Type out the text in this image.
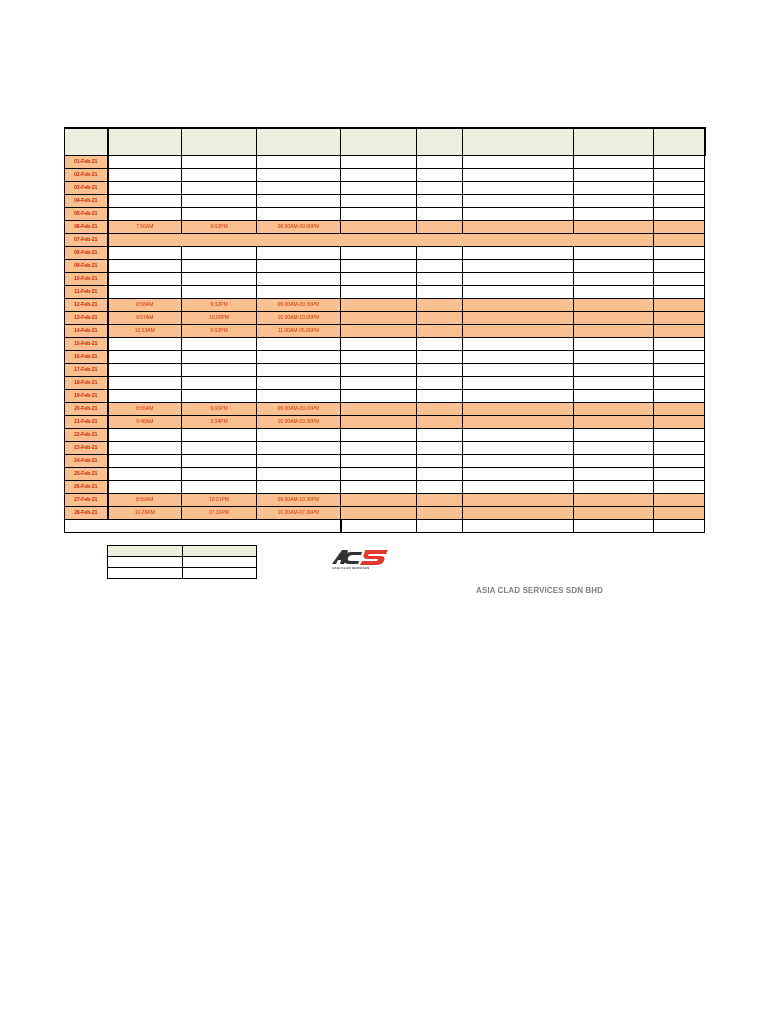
01-Feb-21								
02-Feb-21								
03-Feb-21								
04-Feb-21								
05-Feb-21								
06-Feb-21	7:56AM	9:02PM	08.00AM-09.00PM					
07-Feb-21								
08-Feb-21								
09-Feb-21								
10-Feb-21								
11-Feb-21								
12-Feb-21	8:58AM	9:32PM	09.00AM-09.30PM					
13-Feb-21	9:57AM	10.00PM	10.00AM-10.00PM					
14-Feb-21	10.53AM	5:02PM	11.00AM-05.00PM					
15-Feb-21								
16-Feb-21								
17-Feb-21								
18-Feb-21								
19-Feb-21								
20-Feb-21	8:55AM	9.00PM	09.00AM-09.00PM					
21-Feb-21	9:48AM	3:34PM	10.00AM-03.30PM					
22-Feb-21								
23-Feb-21								
24-Feb-21								
25-Feb-21								
26-Feb-21								
27-Feb-21	8:59AM	10:31PM	09.00AM-10.30PM					
28-Feb-21	10.28AM	07.32PM	10.30AM-07.30PM					

ASIA CLAD SERVICES
ASIA CLAD SERVICES SDN BHD
